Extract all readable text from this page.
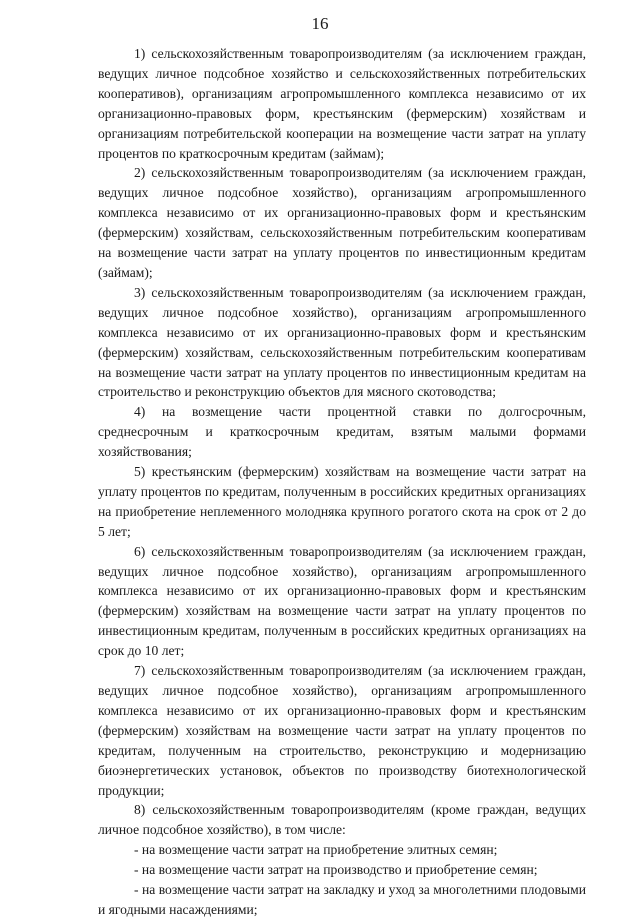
16

1) сельскохозяйственным товаропроизводителям (за исключением граждан, ведущих личное подсобное хозяйство и сельскохозяйственных потребительских кооперативов), организациям агропромышленного комплекса независимо от их организационно-правовых форм, крестьянским (фермерским) хозяйствам и организациям потребительской кооперации на возмещение части затрат на уплату процентов по краткосрочным кредитам (займам);

2) сельскохозяйственным товаропроизводителям (за исключением граждан, ведущих личное подсобное хозяйство), организациям агропромышленного комплекса независимо от их организационно-правовых форм и крестьянским (фермерским) хозяйствам, сельскохозяйственным потребительским кооперативам на возмещение части затрат на уплату процентов по инвестиционным кредитам (займам);

3) сельскохозяйственным товаропроизводителям (за исключением граждан, ведущих личное подсобное хозяйство), организациям агропромышленного комплекса независимо от их организационно-правовых форм и крестьянским (фермерским) хозяйствам, сельскохозяйственным потребительским кооперативам на возмещение части затрат на уплату процентов по инвестиционным кредитам на строительство и реконструкцию объектов для мясного скотоводства;

4) на возмещение части процентной ставки по долгосрочным, среднесрочным и краткосрочным кредитам, взятым малыми формами хозяйствования;

5) крестьянским (фермерским) хозяйствам на возмещение части затрат на уплату процентов по кредитам, полученным в российских кредитных организациях на приобретение неплеменного молодняка крупного рогатого скота на срок от 2 до 5 лет;

6) сельскохозяйственным товаропроизводителям (за исключением граждан, ведущих личное подсобное хозяйство), организациям агропромышленного комплекса независимо от их организационно-правовых форм и крестьянским (фермерским) хозяйствам на возмещение части затрат на уплату процентов по инвестиционным кредитам, полученным в российских кредитных организациях на срок до 10 лет;

7) сельскохозяйственным товаропроизводителям (за исключением граждан, ведущих личное подсобное хозяйство), организациям агропромышленного комплекса независимо от их организационно-правовых форм и крестьянским (фермерским) хозяйствам на возмещение части затрат на уплату процентов по кредитам, полученным на строительство, реконструкцию и модернизацию биоэнергетических установок, объектов по производству биотехнологической продукции;

8) сельскохозяйственным товаропроизводителям (кроме граждан, ведущих личное подсобное хозяйство), в том числе:

- на возмещение части затрат на приобретение элитных семян;

- на возмещение части затрат на производство и приобретение семян;

- на возмещение части затрат на закладку и уход за многолетними плодовыми и ягодными насаждениями;
